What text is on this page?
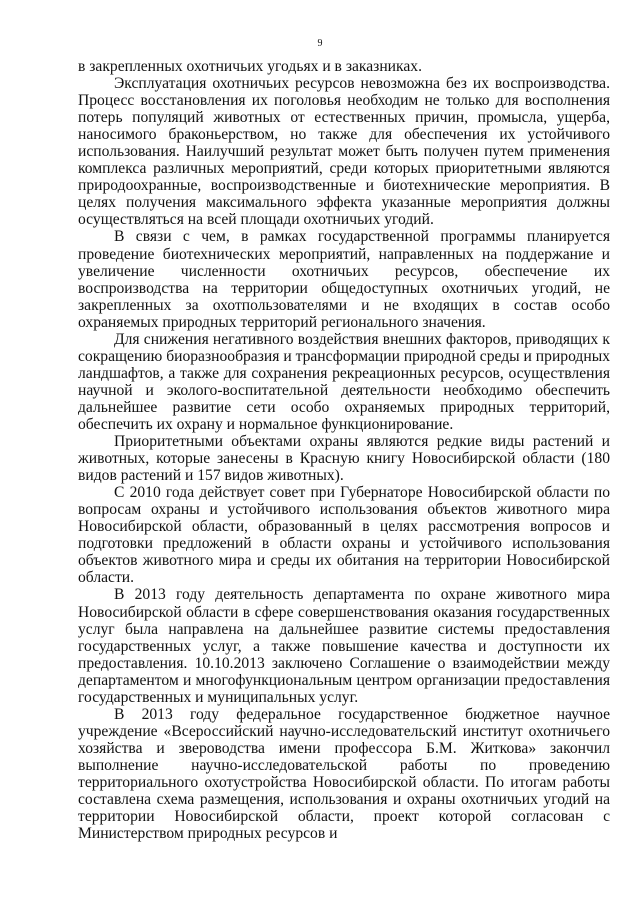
9

в закрепленных охотничьих угодьях и в заказниках.

Эксплуатация охотничьих ресурсов невозможна без их воспроизводства. Процесс восстановления их поголовья необходим не только для восполнения потерь популяций животных от естественных причин, промысла, ущерба, наносимого браконьерством, но также для обеспечения их устойчивого использования. Наилучший результат может быть получен путем применения комплекса различных мероприятий, среди которых приоритетными являются природоохранные, воспроизводственные и биотехнические мероприятия. В целях получения максимального эффекта указанные мероприятия должны осуществляться на всей площади охотничьих угодий.

В связи с чем, в рамках государственной программы планируется проведение биотехнических мероприятий, направленных на поддержание и увеличение численности охотничьих ресурсов, обеспечение их воспроизводства на территории общедоступных охотничьих угодий, не закрепленных за охотпользователями и не входящих в состав особо охраняемых природных территорий регионального значения.

Для снижения негативного воздействия внешних факторов, приводящих к сокращению биоразнообразия и трансформации природной среды и природных ландшафтов, а также для сохранения рекреационных ресурсов, осуществления научной и эколого-воспитательной деятельности необходимо обеспечить дальнейшее развитие сети особо охраняемых природных территорий, обеспечить их охрану и нормальное функционирование.

Приоритетными объектами охраны являются редкие виды растений и животных, которые занесены в Красную книгу Новосибирской области (180 видов растений и 157 видов животных).

С 2010 года действует совет при Губернаторе Новосибирской области по вопросам охраны и устойчивого использования объектов животного мира Новосибирской области, образованный в целях рассмотрения вопросов и подготовки предложений в области охраны и устойчивого использования объектов животного мира и среды их обитания на территории Новосибирской области.

В 2013 году деятельность департамента по охране животного мира Новосибирской области в сфере совершенствования оказания государственных услуг была направлена на дальнейшее развитие системы предоставления государственных услуг, а также повышение качества и доступности их предоставления. 10.10.2013 заключено Соглашение о взаимодействии между департаментом и многофункциональным центром организации предоставления государственных и муниципальных услуг.

В 2013 году федеральное государственное бюджетное научное учреждение «Всероссийский научно-исследовательский институт охотничьего хозяйства и звероводства имени профессора Б.М. Житкова» закончил выполнение научно-исследовательской работы по проведению территориального охотустройства Новосибирской области. По итогам работы составлена схема размещения, использования и охраны охотничьих угодий на территории Новосибирской области, проект которой согласован с Министерством природных ресурсов и
